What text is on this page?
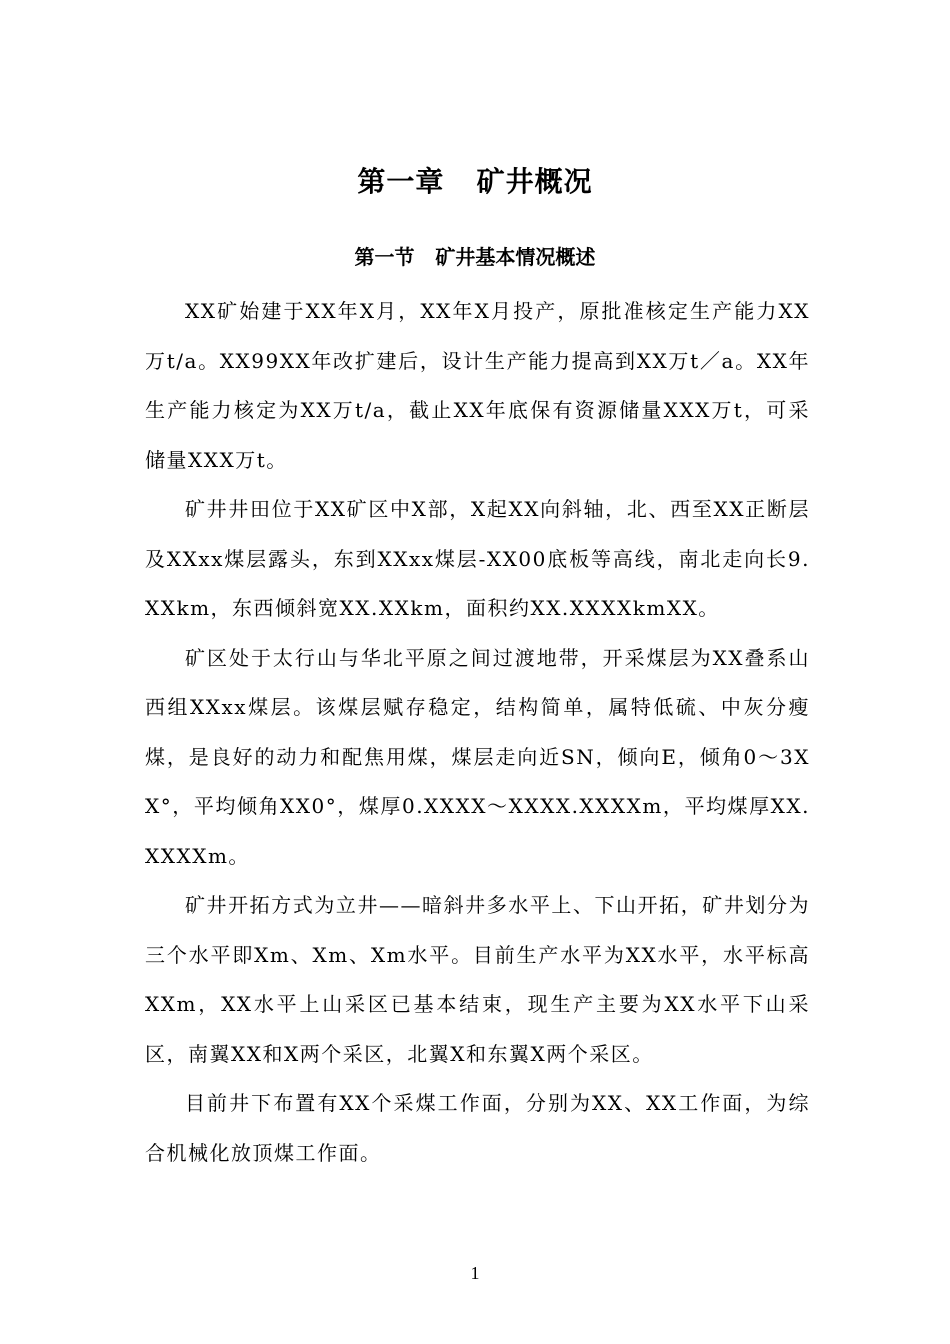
第一章   矿井概况
第一节   矿井基本情况概述

XX矿始建于XX年X月，XX年X月投产，原批准核定生产能力XX万t/a。XX99XX年改扩建后，设计生产能力提高到XX万t／a。XX年生产能力核定为XX万t/a，截止XX年底保有资源储量XXX万t，可采储量XXX万t。

矿井井田位于XX矿区中X部，X起XX向斜轴，北、西至XX正断层及XXxx煤层露头，东到XXxx煤层-XX00底板等高线，南北走向长9.XXkm，东西倾斜宽XX.XXkm，面积约XX.XXXXkmXX。

矿区处于太行山与华北平原之间过渡地带，开采煤层为XX叠系山西组XXxx煤层。该煤层赋存稳定，结构简单，属特低硫、中灰分瘦煤，是良好的动力和配焦用煤，煤层走向近SN，倾向E，倾角0～3XX°，平均倾角XX0°，煤厚0.XXXX～XXXX.XXXXm，平均煤厚XX.XXXXm。

矿井开拓方式为立井——暗斜井多水平上、下山开拓，矿井划分为三个水平即Xm、Xm、Xm水平。目前生产水平为XX水平，水平标高XXm，XX水平上山采区已基本结束，现生产主要为XX水平下山采区，南翼XX和X两个采区，北翼X和东翼X两个采区。

目前井下布置有XX个采煤工作面，分别为XX、XX工作面，为综合机械化放顶煤工作面。

1
